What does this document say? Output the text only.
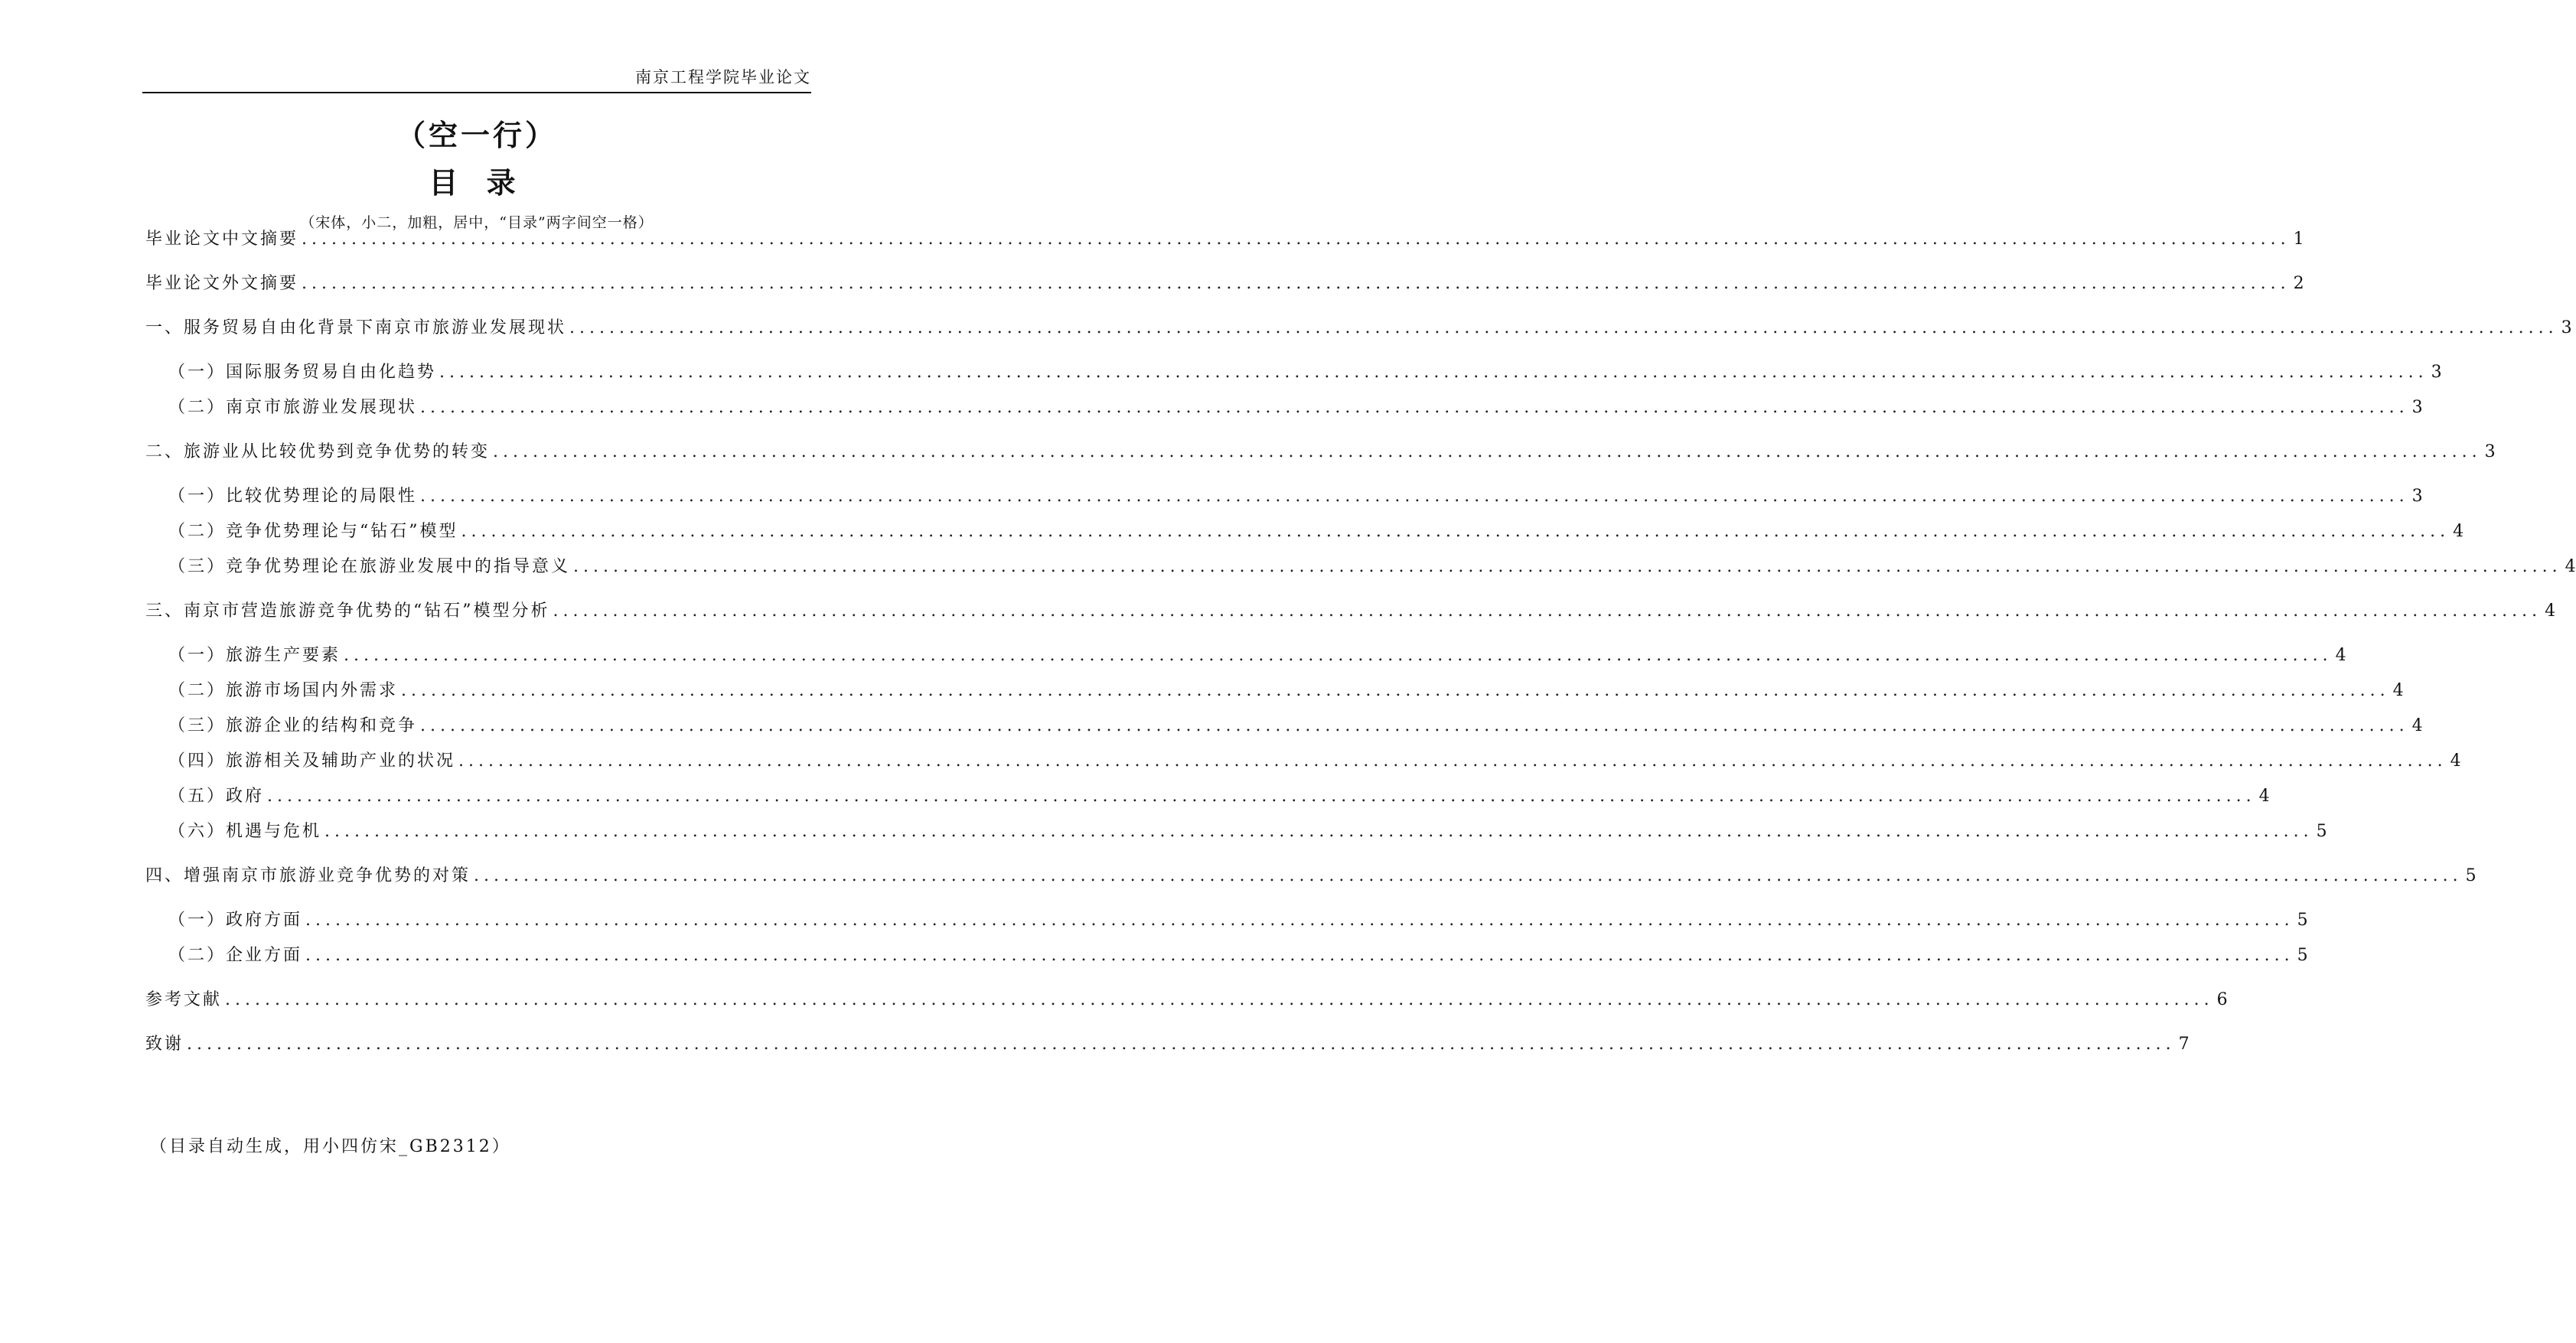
南京工程学院毕业论文
（空一行）
目 录
（宋体，小二，加粗，居中，“目录”两字间空一格）
毕业论文中文摘要 ........................................................................................................................................................................................................ 1
毕业论文外文摘要 ........................................................................................................................................................................................................ 2
一、服务贸易自由化背景下南京市旅游业发展现状 ........................................................................................................................................................................................................ 3
（一）国际服务贸易自由化趋势 ........................................................................................................................................................................................................ 3
（二）南京市旅游业发展现状 ........................................................................................................................................................................................................ 3
二、旅游业从比较优势到竞争优势的转变 ........................................................................................................................................................................................................ 3
（一）比较优势理论的局限性 ........................................................................................................................................................................................................ 3
（二）竞争优势理论与“钻石”模型 ........................................................................................................................................................................................................ 4
（三）竞争优势理论在旅游业发展中的指导意义 ........................................................................................................................................................................................................ 4
三、南京市营造旅游竞争优势的“钻石”模型分析 ........................................................................................................................................................................................................ 4
（一）旅游生产要素 ........................................................................................................................................................................................................ 4
（二）旅游市场国内外需求 ........................................................................................................................................................................................................ 4
（三）旅游企业的结构和竞争 ........................................................................................................................................................................................................ 4
（四）旅游相关及辅助产业的状况 ........................................................................................................................................................................................................ 4
（五）政府 ........................................................................................................................................................................................................ 4
（六）机遇与危机 ........................................................................................................................................................................................................ 5
四、增强南京市旅游业竞争优势的对策 ........................................................................................................................................................................................................ 5
（一）政府方面 ........................................................................................................................................................................................................ 5
（二）企业方面 ........................................................................................................................................................................................................ 5
参考文献 ........................................................................................................................................................................................................ 6
致谢 ........................................................................................................................................................................................................ 7
（目录自动生成，用小四仿宋_GB2312）
